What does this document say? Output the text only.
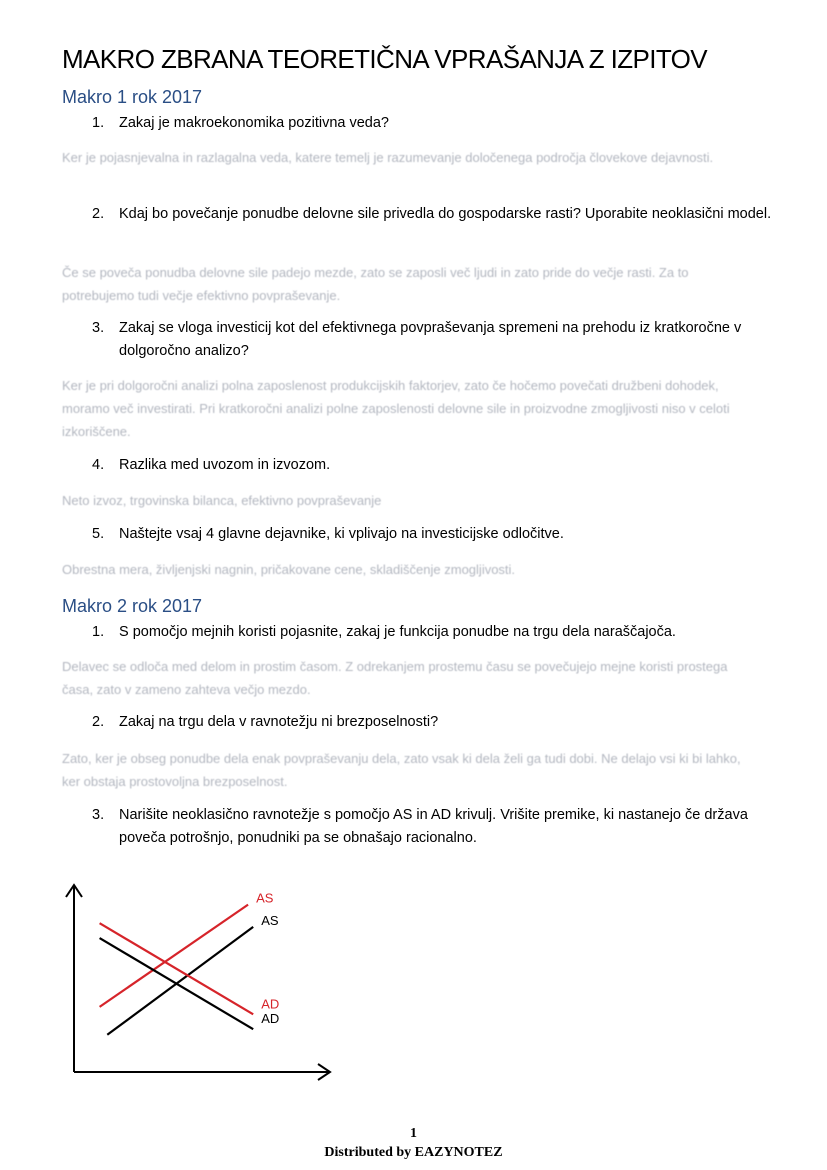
MAKRO ZBRANA TEORETIČNA VPRAŠANJA Z IZPITOV
Makro 1 rok 2017
1. Zakaj je makroekonomika pozitivna veda?
Ker je pojasnjevalna in razlagalna veda, katere temelj je razumevanje določenega področja človekove dejavnosti.
2. Kdaj bo povečanje ponudbe delovne sile privedla do gospodarske rasti? Uporabite neoklasični model.
Če se poveča ponudba delovne sile padejo mezde, zato se zaposli več ljudi in zato pride do večje rasti. Za to potrebujemo tudi večje efektivno povpraševanje.
3. Zakaj se vloga investicij kot del efektivnega povpraševanja spremeni na prehodu iz kratkoročne v dolgoročno analizo?
Ker je pri dolgoročni analizi polna zaposlenost produkcijskih faktorjev, zato če hočemo povečati družbeni dohodek, moramo več investirati. Pri kratkoročni analizi polne zaposlenosti delovne sile in proizvodne zmogljivosti niso v celoti izkoriščene.
4. Razlika med uvozom in izvozom.
Neto izvoz, trgovinska bilanca, efektivno povpraševanje
5. Naštejte vsaj 4 glavne dejavnike, ki vplivajo na investicijske odločitve.
Obrestna mera, življenjski nagnin, pričakovane cene, skladiščenje zmogljivosti.
Makro 2 rok 2017
1. S pomočjo mejnih koristi pojasnite, zakaj je funkcija ponudbe na trgu dela naraščajoča.
Delavec se odloča med delom in prostim časom. Z odrekanjem prostemu času se povečujejo mejne koristi prostega časa, zato v zameno zahteva večjo mezdo.
2. Zakaj na trgu dela v ravnotežju ni brezposelnosti?
Zato, ker je obseg ponudbe dela enak povpraševanju dela, zato vsak ki dela želi ga tudi dobi. Ne delajo vsi ki bi lahko, ker obstaja prostovoljna brezposelnost.
3. Narišite neoklasično ravnotežje s pomočjo AS in AD krivulj. Vrišite premike, ki nastanejo če država poveča potrošnjo, ponudniki pa se obnašajo racionalno.
AS
AS
AD
AD
1
Distributed by EAZYNOTEZ
